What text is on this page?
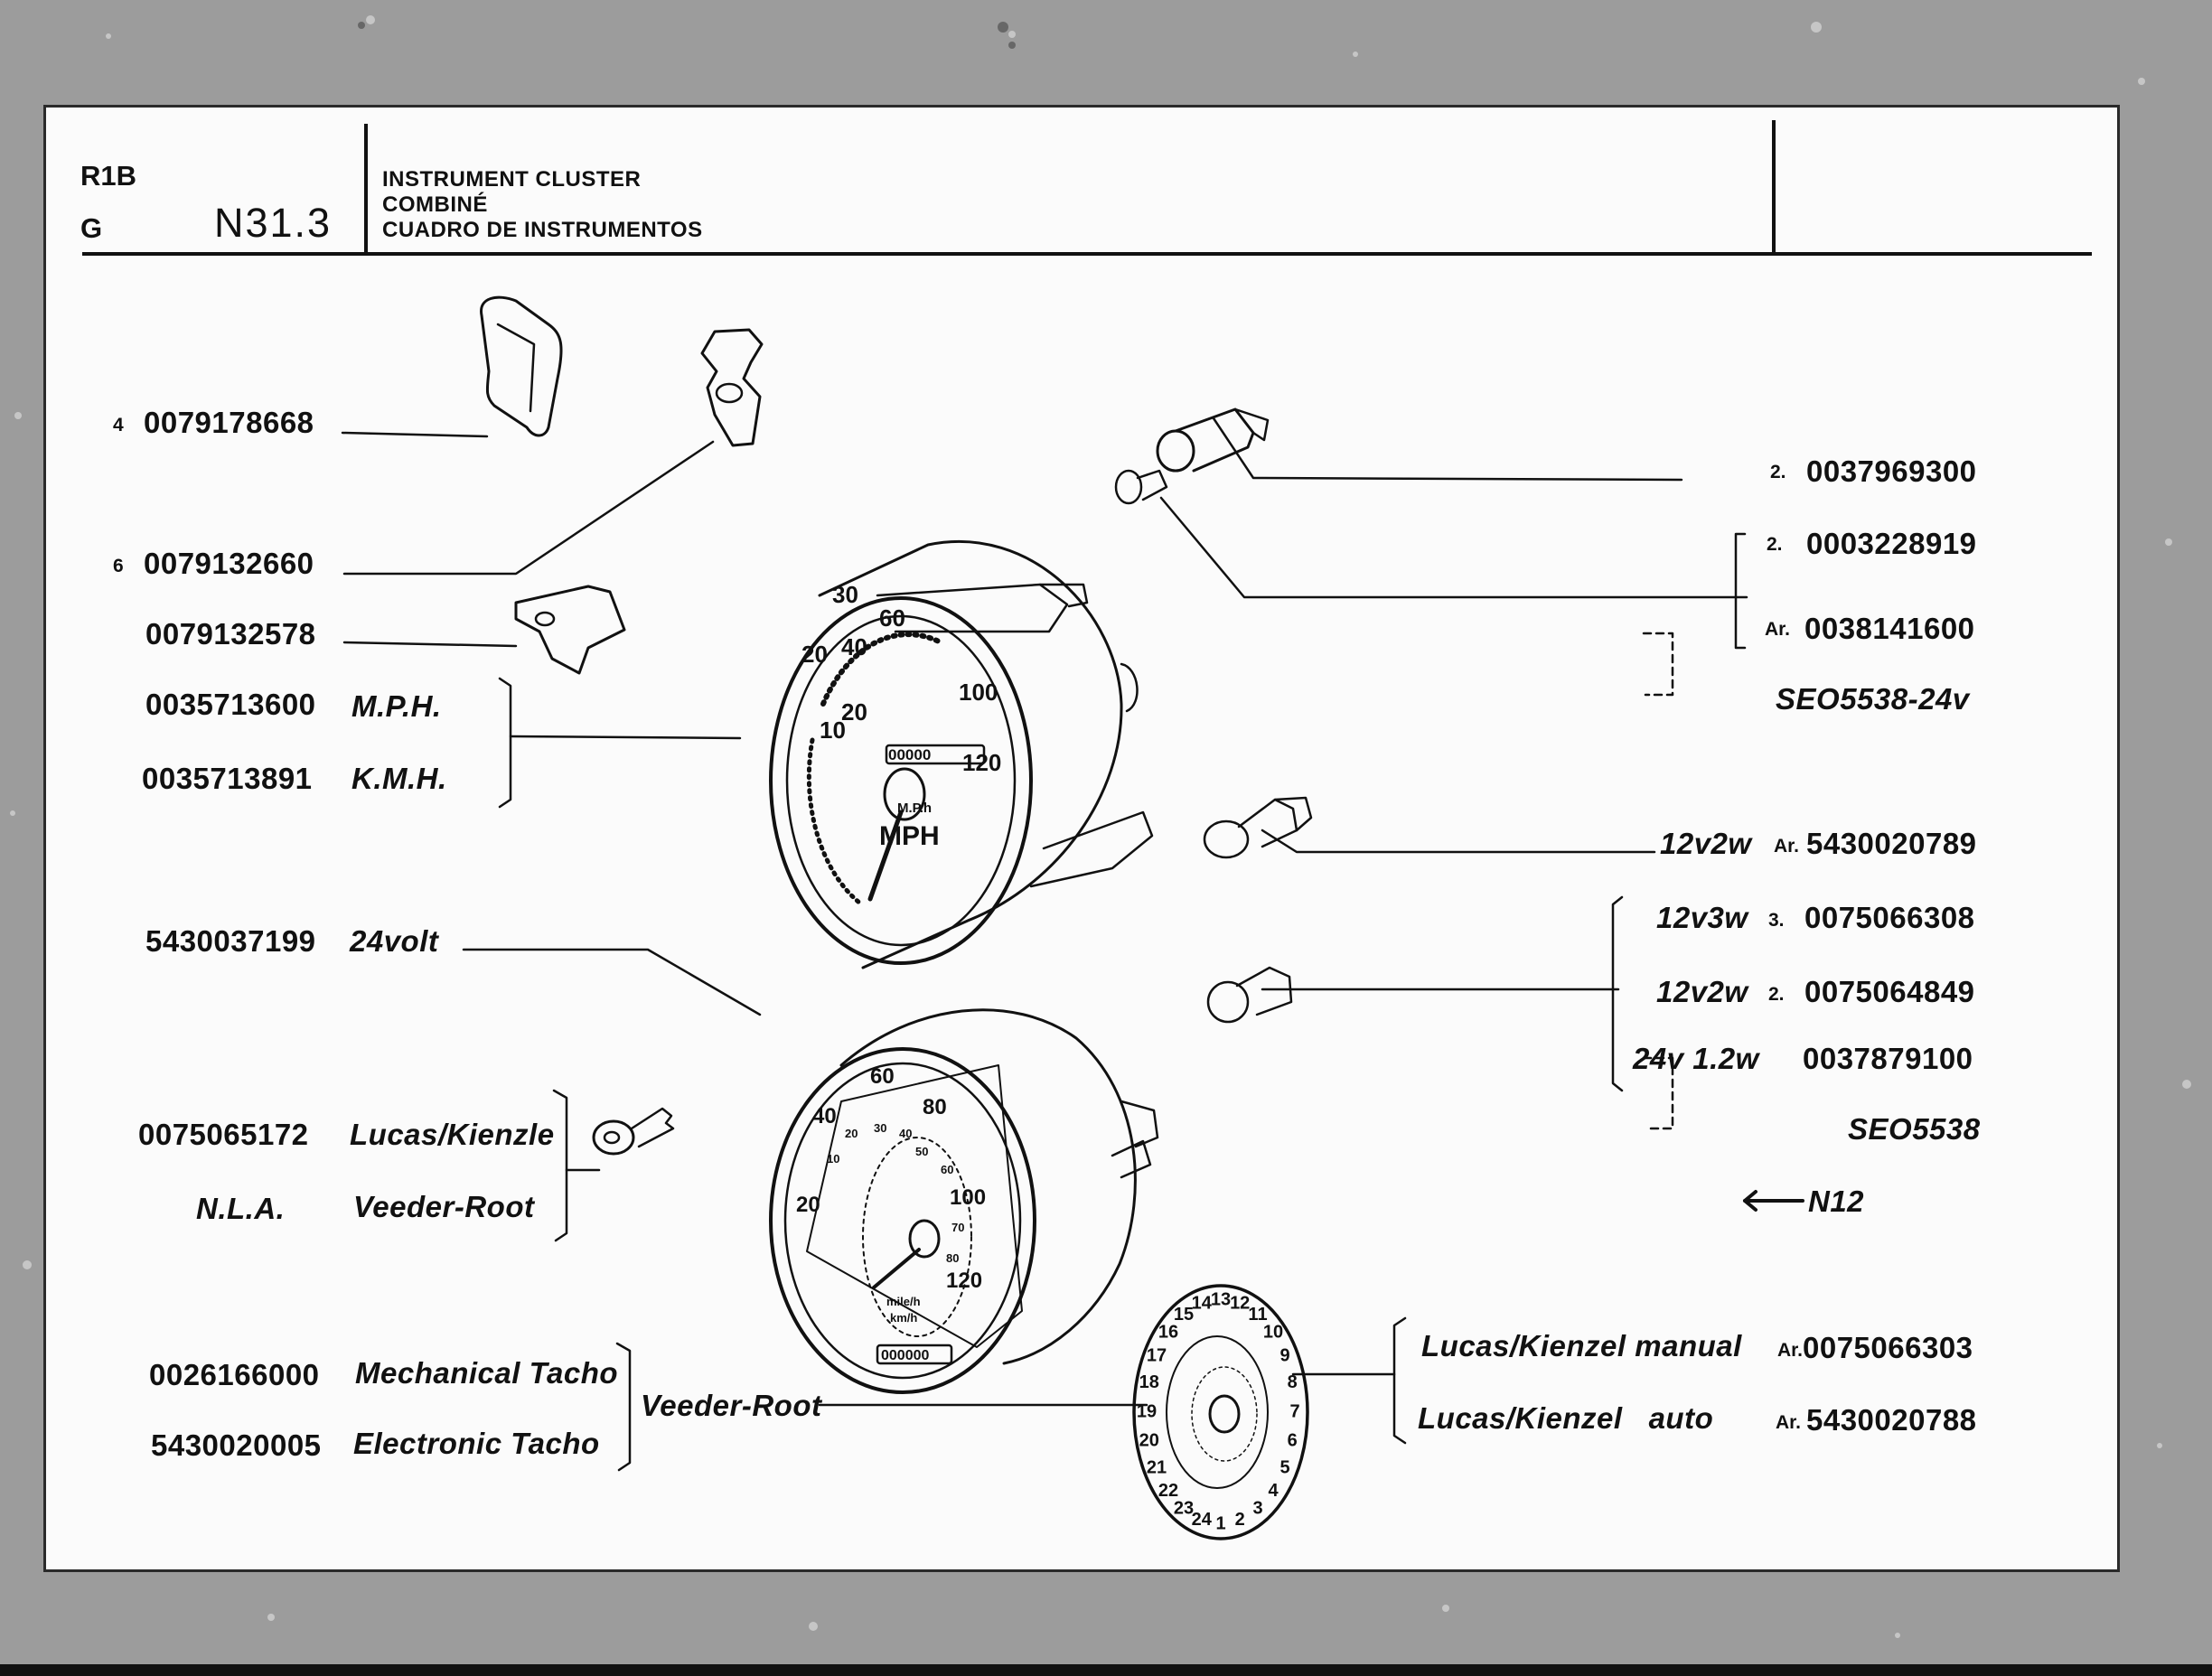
R1B
G	N31.3
INSTRUMENT CLUSTER
COMBINÉ
CUADRO DE INSTRUMENTOS
30
60
40
20
100
10
120
20
00000
M.P.h
MPH
60
40	80
20	100
120
10
20 30 40
50
60
70
80
mile/h
km/h
000000
1 2
3
4
5
6
7
8
9
10
11
12
13
14
15
16
17
18
19
20
21
22
23
24
4 0079178668
6 0079132660
0079132578
0035713600 M.P.H.
0035713891 K.M.H.
5430037199 24volt
0075065172 Lucas/Kienzle
N.L.A. Veeder-Root
0026166000 Mechanical Tacho
5430020005 Electronic Tacho
Veeder-Root
2. 0037969300
2. 0003228919
Ar. 0038141600
SEO5538-24v
12v2w Ar. 5430020789
12v3w 3. 0075066308
12v2w 2. 0075064849
24v 1.2w 0037879100
SEO5538
N12
Lucas/Kienzel manual Ar. 0075066303
Lucas/Kienzel   auto	Ar. 5430020788
